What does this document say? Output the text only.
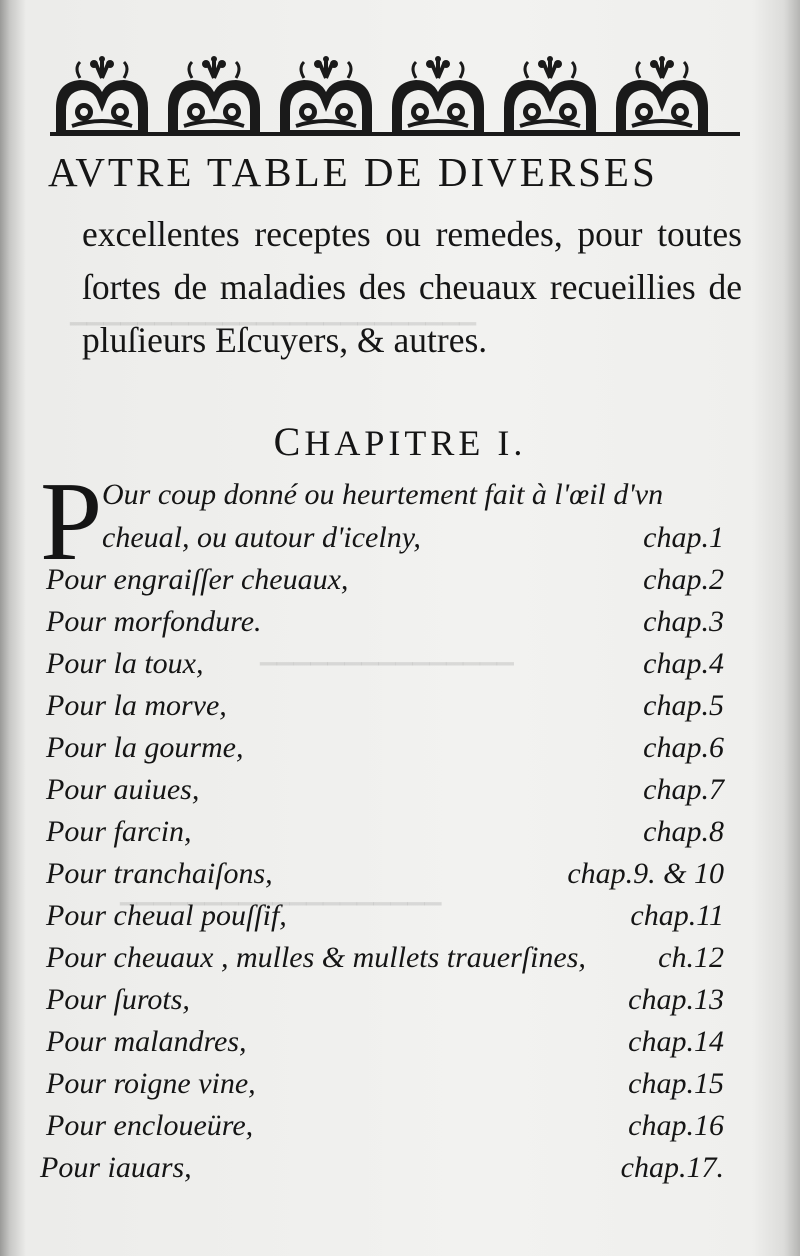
▁▁▁▁▁▁▁▁▁▁▁▁▁▁▁▁▁▁▁▁▁▁▁▁
▁▁▁▁▁▁▁▁▁▁▁▁▁▁▁
▁▁▁▁▁▁▁▁▁▁▁▁▁▁▁▁▁▁▁
AVTRE TABLE DE DIVERSES
excellentes receptes ou remedes, pour toutes ſortes de maladies des cheuaux recueillies de pluſieurs Eſcuyers, & autres.
CHAPITRE I.
P Our coup donné ou heurtement fait à l'œil d'vn
cheual, ou autour d'icelny,	chap.1
Pour engraiſſer cheuaux,	chap.2
Pour morfondure.	chap.3
Pour la toux,	chap.4
Pour la morve,	chap.5
Pour la gourme,	chap.6
Pour auiues,	chap.7
Pour farcin,	chap.8
Pour tranchaiſons,	chap.9. & 10
Pour cheual pouſſif,	chap.11
Pour cheuaux , mulles & mullets trauerſines, ch.12
Pour ſurots,	chap.13
Pour malandres,	chap.14
Pour roigne vine,	chap.15
Pour encloueüre,	chap.16
Pour iauars,	chap.17.
